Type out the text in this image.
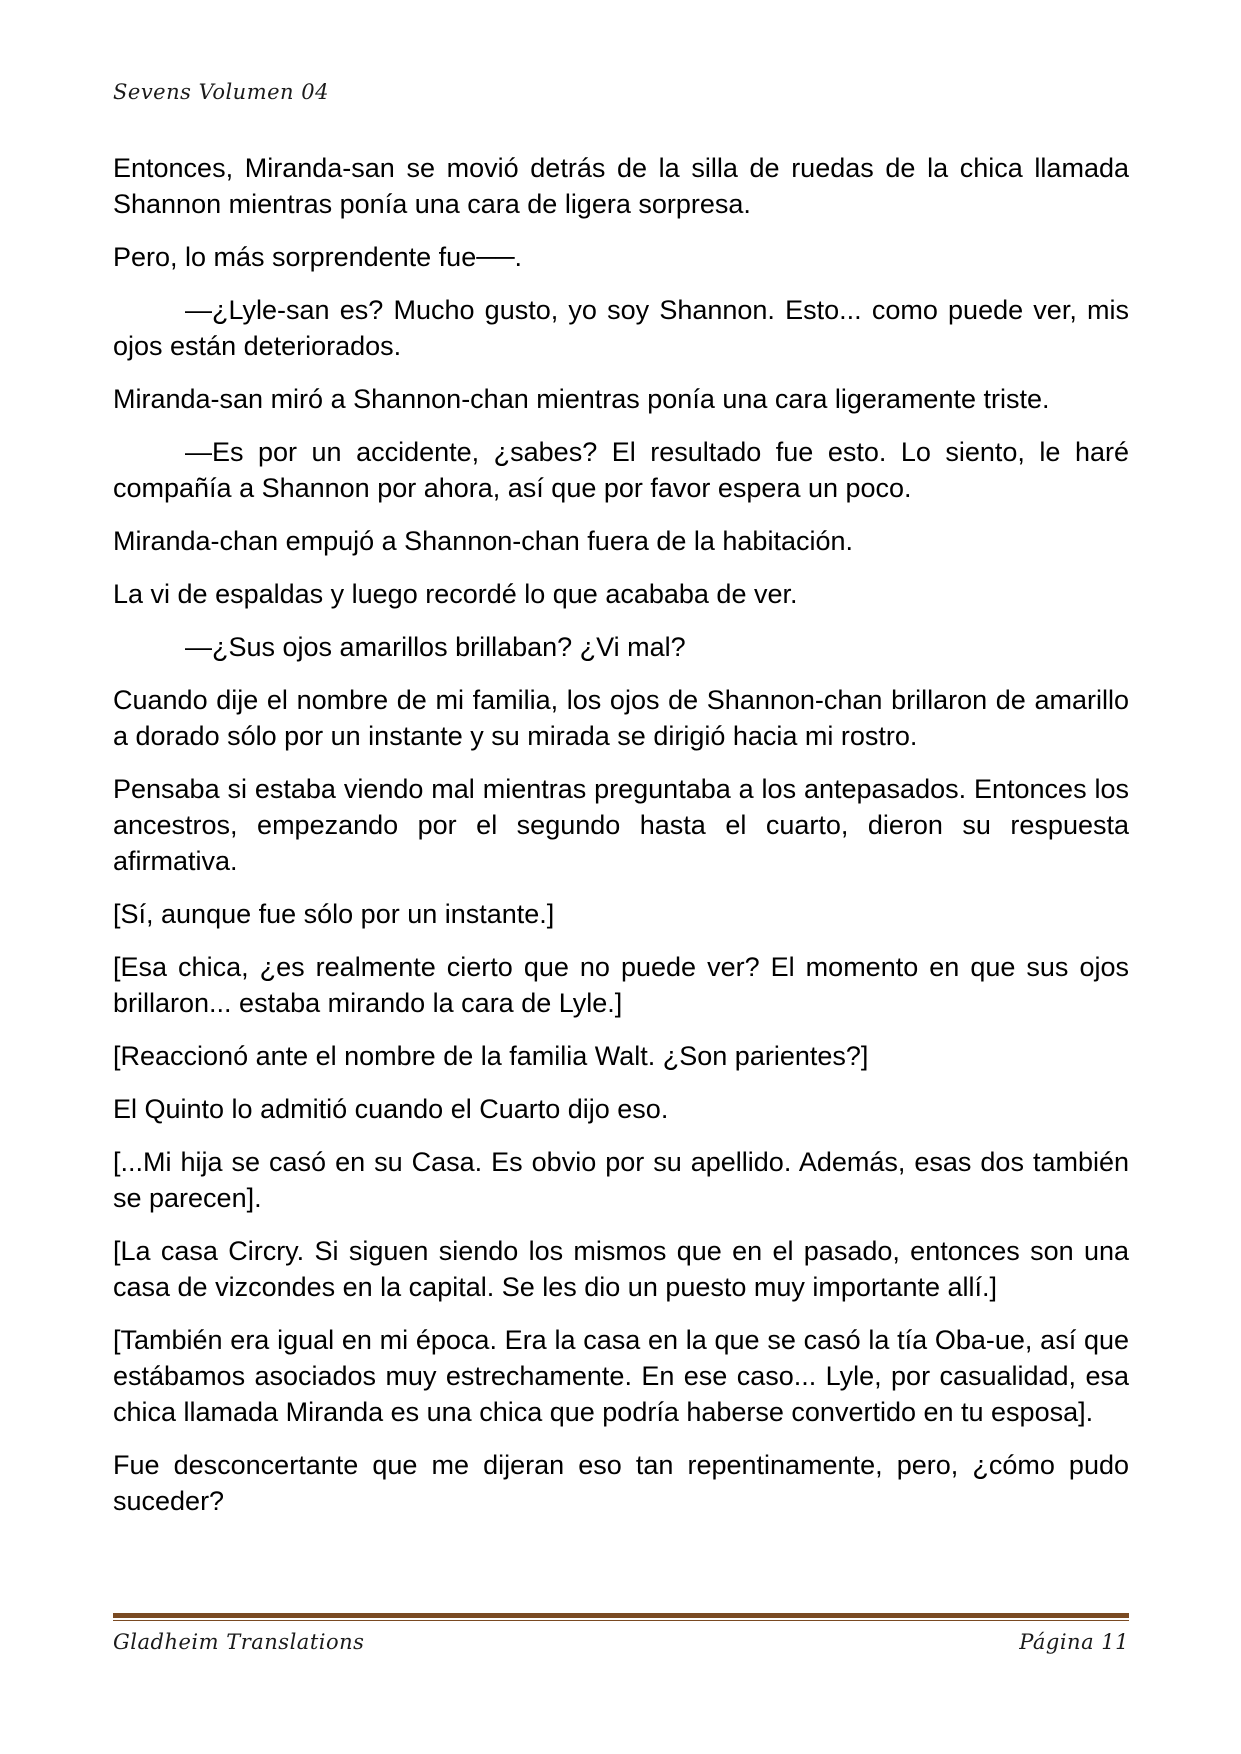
Sevens Volumen 04

Entonces, Miranda-san se movió detrás de la silla de ruedas de la chica llamada Shannon mientras ponía una cara de ligera sorpresa.

Pero, lo más sorprendente fue──.

—¿Lyle-san es? Mucho gusto, yo soy Shannon. Esto... como puede ver, mis ojos están deteriorados.

Miranda-san miró a Shannon-chan mientras ponía una cara ligeramente triste.

—Es por un accidente, ¿sabes? El resultado fue esto. Lo siento, le haré compañía a Shannon por ahora, así que por favor espera un poco.

Miranda-chan empujó a Shannon-chan fuera de la habitación.

La vi de espaldas y luego recordé lo que acababa de ver.

—¿Sus ojos amarillos brillaban? ¿Vi mal?

Cuando dije el nombre de mi familia, los ojos de Shannon-chan brillaron de amarillo a dorado sólo por un instante y su mirada se dirigió hacia mi rostro.

Pensaba si estaba viendo mal mientras preguntaba a los antepasados. Entonces los ancestros, empezando por el segundo hasta el cuarto, dieron su respuesta afirmativa.

[Sí, aunque fue sólo por un instante.]

[Esa chica, ¿es realmente cierto que no puede ver? El momento en que sus ojos brillaron... estaba mirando la cara de Lyle.]

[Reaccionó ante el nombre de la familia Walt. ¿Son parientes?]

El Quinto lo admitió cuando el Cuarto dijo eso.

[...Mi hija se casó en su Casa. Es obvio por su apellido. Además, esas dos también se parecen].

[La casa Circry. Si siguen siendo los mismos que en el pasado, entonces son una casa de vizcondes en la capital. Se les dio un puesto muy importante allí.]

[También era igual en mi época. Era la casa en la que se casó la tía Oba-ue, así que estábamos asociados muy estrechamente. En ese caso... Lyle, por casualidad, esa chica llamada Miranda es una chica que podría haberse convertido en tu esposa].

Fue desconcertante que me dijeran eso tan repentinamente, pero, ¿cómo pudo suceder?

Gladheim Translations	Página 11
